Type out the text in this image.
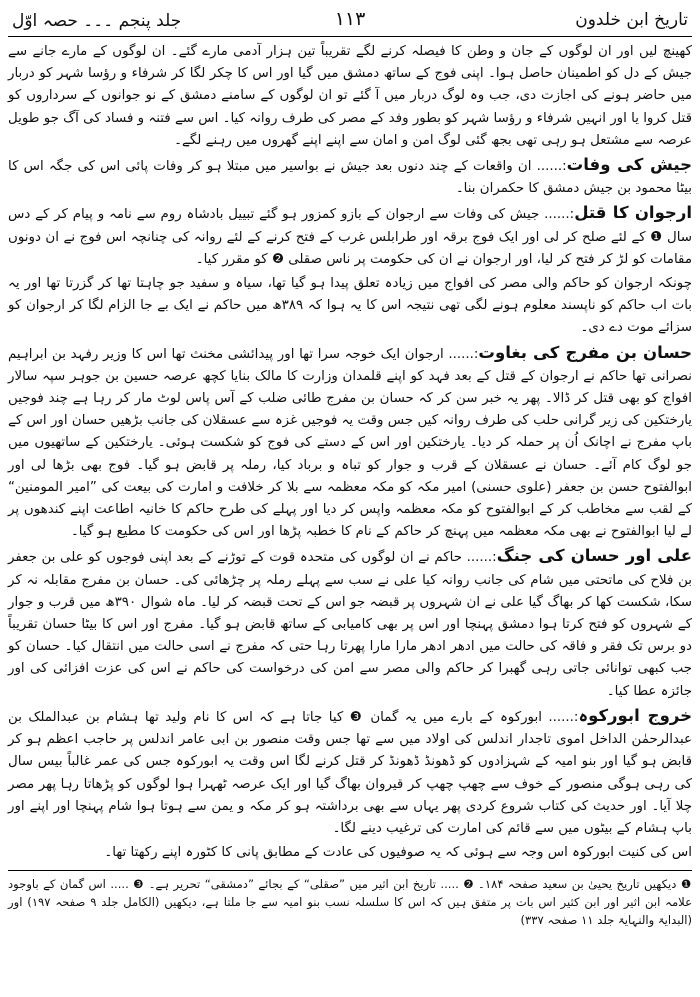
تاریخ ابن خلدون
۱۱۳
جلد پنجم ۔۔۔ حصہ اوّل

کھینچ لیں اور ان لوگوں کے جان و وطن کا فیصلہ کرنے لگے تقریباً تین ہزار آدمی مارے گئے۔ ان لوگوں کے مارے جانے سے جیش کے دل کو اطمینان حاصل ہوا۔ اپنی فوج کے ساتھ دمشق میں گیا اور اس کا چکر لگا کر شرفاء و رؤسا شہر کو دربار میں حاضر ہونے کی اجازت دی، جب وہ لوگ دربار میں آ گئے تو ان لوگوں کے سامنے دمشق کے نو جوانوں کے سرداروں کو قتل کروا یا اور انہیں شرفاء و رؤسا شہر کو بطور وفد کے مصر کی طرف روانہ کیا۔ اس سے فتنہ و فساد کی آگ جو طویل عرصہ سے مشتعل ہو رہی تھی بجھ گئی لوگ امن و امان سے اپنے اپنے گھروں میں رہنے لگے۔

جیش کی وفات:...... ان واقعات کے چند دنوں بعد جیش نے بواسیر میں مبتلا ہو کر وفات پائی اس کی جگہ اس کا بیٹا محمود بن جیش دمشق کا حکمران بنا۔

ارجوان کا قتل:...... جیش کی وفات سے ارجوان کے بازو کمزور ہو گئے تبییل بادشاہ روم سے نامہ و پیام کر کے دس سال ❶ کے لئے صلح کر لی اور ایک فوج برقہ اور طرابلس غرب کے فتح کرنے کے لئے روانہ کی چنانچہ اس فوج نے ان دونوں مقامات کو لڑ کر فتح کر لیا، اور ارجوان نے ان کی حکومت پر ناس صقلی ❷ کو مقرر کیا۔

چونکہ ارجوان کو حاکم والی مصر کی افواج میں زیادہ تعلق پیدا ہو گیا تھا، سیاہ و سفید جو چاہتا تھا کر گزرتا تھا اور یہ بات اب حاکم کو ناپسند معلوم ہونے لگی تھی نتیجہ اس کا یہ ہوا کہ ۳۸۹ھ میں حاکم نے ایک بے جا الزام لگا کر ارجوان کو سزائے موت دے دی۔

حسان بن مفرج کی بغاوت:...... ارجوان ایک خوجہ سرا تھا اور پیدائشی مخنث تھا اس کا وزیر رفہد بن ابراہیم نصرانی تھا حاکم نے ارجوان کے قتل کے بعد فہد کو اپنے قلمدان وزارت کا مالک بنایا کچھ عرصہ حسین بن جوہر سپہ سالار افواج کو بھی قتل کر ڈالا۔ پھر یہ خبر سن کر کہ حسان بن مفرج طائی ضلب کے آس پاس لوٹ مار کر رہا ہے چند فوجیں یارختکین کی زیر گرانی حلب کی طرف روانہ کیں جس وقت یہ فوجیں غزہ سے عسقلان کی جانب بڑھیں حسان اور اس کے باپ مفرج نے اچانک اُن پر حملہ کر دیا۔ یارختکین اور اس کے دستے کی فوج کو شکست ہوئی۔ یارختکین کے ساتھیوں میں جو لوگ کام آئے۔ حسان نے عسقلان کے قرب و جوار کو تباہ و برباد کیا، رملہ پر قابض ہو گیا۔ فوج بھی بڑھا لی اور ابوالفتوح حسن بن جعفر (علوی حسنی) امیر مکہ کو مکہ معظمہ سے بلا کر خلافت و امارت کی بیعت کی ”امیر المومنین“ کے لقب سے مخاطب کر کے ابوالفتوح کو مکہ معظمہ واپس کر دیا اور پہلے کی طرح حاکم کا خانیہ اطاعت اپنے کندھوں پر لے لیا ابوالفتوح نے بھی مکہ معظمہ میں پہنچ کر حاکم کے نام کا خطبہ پڑھا اور اس کی حکومت کا مطیع ہو گیا۔

علی اور حسان کی جنگ:...... حاکم نے ان لوگوں کی متحدہ قوت کے توڑنے کے بعد اپنی فوجوں کو علی بن جعفر بن فلاح کی ماتحتی میں شام کی جانب روانہ کیا علی نے سب سے پہلے رملہ پر چڑھائی کی۔ حسان بن مفرج مقابلہ نہ کر سکا، شکست کھا کر بھاگ گیا علی نے ان شہروں پر قبضہ جو اس کے تحت قبضہ کر لیا۔ ماہ شوال ۳۹۰ھ میں قرب و جوار کے شہروں کو فتح کرتا ہوا دمشق پہنچا اور اس پر بھی کامیابی کے ساتھ قابض ہو گیا۔ مفرج اور اس کا بیٹا حسان تقریباً دو برس تک فقر و فاقہ کی حالت میں ادھر ادھر مارا مارا پھرتا رہا حتی کہ مفرج نے اسی حالت میں انتقال کیا۔ حسان کو جب کبھی توانائی جاتی رہی گھبرا کر حاکم والی مصر سے امن کی درخواست کی حاکم نے اس کی عزت افزائی کی اور جائزہ عطا کیا۔

خروج ابورکوہ:...... ابورکوہ کے بارے میں یہ گمان ❸ کیا جاتا ہے کہ اس کا نام ولید تھا ہشام بن عبدالملک بن عبدالرحمٰن الداخل اموی تاجدار اندلس کی اولاد میں سے تھا جس وقت منصور بن ابی عامر اندلس پر حاجب اعظم ہو کر قابض ہو گیا اور بنو امیہ کے شہزادوں کو ڈھونڈ ڈھونڈ کر قتل کرنے لگا اس وقت یہ ابورکوہ جس کی عمر غالباً بیس سال کی رہی ہوگی منصور کے خوف سے چھپ چھپ کر قیروان بھاگ گیا اور ایک عرصہ ٹھہرا ہوا لوگوں کو پڑھاتا رہا پھر مصر چلا آیا۔ اور حدیث کی کتاب شروع کردی پھر یہاں سے بھی برداشتہ ہو کر مکہ و یمن سے ہوتا ہوا شام پہنچا اور اپنے اور باپ ہشام کے بیٹوں میں سے قائم کی امارت کی ترغیب دینے لگا۔

اس کی کنیت ابورکوہ اس وجہ سے ہوئی کہ یہ صوفیوں کی عادت کے مطابق پانی کا کٹورہ اپنے رکھتا تھا۔

❶ دیکھیں تاریخ یحییٰ بن سعید صفحہ ۱۸۴۔ ❷ ..... تاریخ ابن اثیر میں ”صقلی“ کے بجائے ”دمشقی“ تحریر ہے۔ ❸ ..... اس گمان کے باوجود علامہ ابن اثیر اور ابن کثیر اس بات پر متفق ہیں کہ اس کا سلسلہ نسب بنو امیہ سے جا ملتا ہے، دیکھیں (الکامل جلد ۹ صفحہ ۱۹۷) اور (البدایۃ والنہایۃ جلد ۱۱ صفحہ ۳۳۷)
